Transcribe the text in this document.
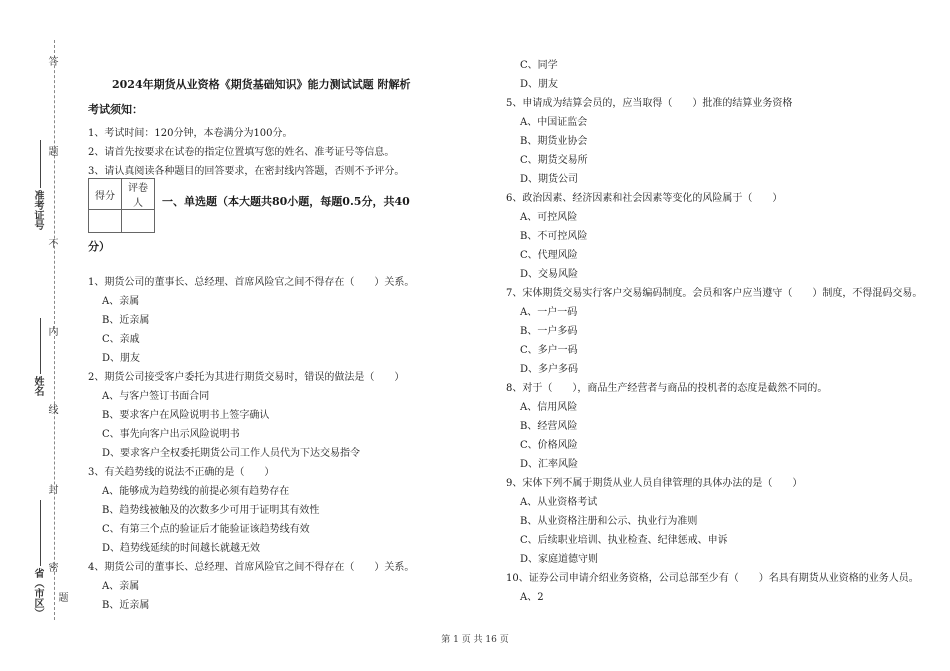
答
题
不
内
线
封
密
题
准考证号
姓名
省（市区）
2024年期货从业资格《期货基础知识》能力测试试题 附解析
考试须知：
1、考试时间：120分钟，本卷满分为100分。
2、请首先按要求在试卷的指定位置填写您的姓名、准考证号等信息。
3、请认真阅读各种题目的回答要求，在密封线内答题，否则不予评分。
得分	评卷人
	一、单选题（本大题共80小题，每题0.5分，共40
分）
1、期货公司的董事长、总经理、首席风险官之间不得存在（　　）关系。
A、亲属
B、近亲属
C、亲戚
D、朋友
2、期货公司接受客户委托为其进行期货交易时，错误的做法是（　　）
A、与客户签订书面合同
B、要求客户在风险说明书上签字确认
C、事先向客户出示风险说明书
D、要求客户全权委托期货公司工作人员代为下达交易指令
3、有关趋势线的说法不正确的是（　　）
A、能够成为趋势线的前提必须有趋势存在
B、趋势线被触及的次数多少可用于证明其有效性
C、有第三个点的验证后才能验证该趋势线有效
D、趋势线延续的时间越长就越无效
4、期货公司的董事长、总经理、首席风险官之间不得存在（　　）关系。
A、亲属
B、近亲属
C、同学
D、朋友
5、申请成为结算会员的，应当取得（　　）批准的结算业务资格
A、中国证监会
B、期货业协会
C、期货交易所
D、期货公司
6、政治因素、经济因素和社会因素等变化的风险属于（　　）
A、可控风险
B、不可控风险
C、代理风险
D、交易风险
7、宋体期货交易实行客户交易编码制度。会员和客户应当遵守（　　）制度，不得混码交易。
A、一户一码
B、一户多码
C、多户一码
D、多户多码
8、对于（　　），商品生产经营者与商品的投机者的态度是截然不同的。
A、信用风险
B、经营风险
C、价格风险
D、汇率风险
9、宋体下列不属于期货从业人员自律管理的具体办法的是（　　）
A、从业资格考试
B、从业资格注册和公示、执业行为准则
C、后续职业培训、执业检查、纪律惩戒、申诉
D、家庭道德守则
10、证券公司申请介绍业务资格，公司总部至少有（　　）名具有期货从业资格的业务人员。
A、2
第 1 页 共 16 页
